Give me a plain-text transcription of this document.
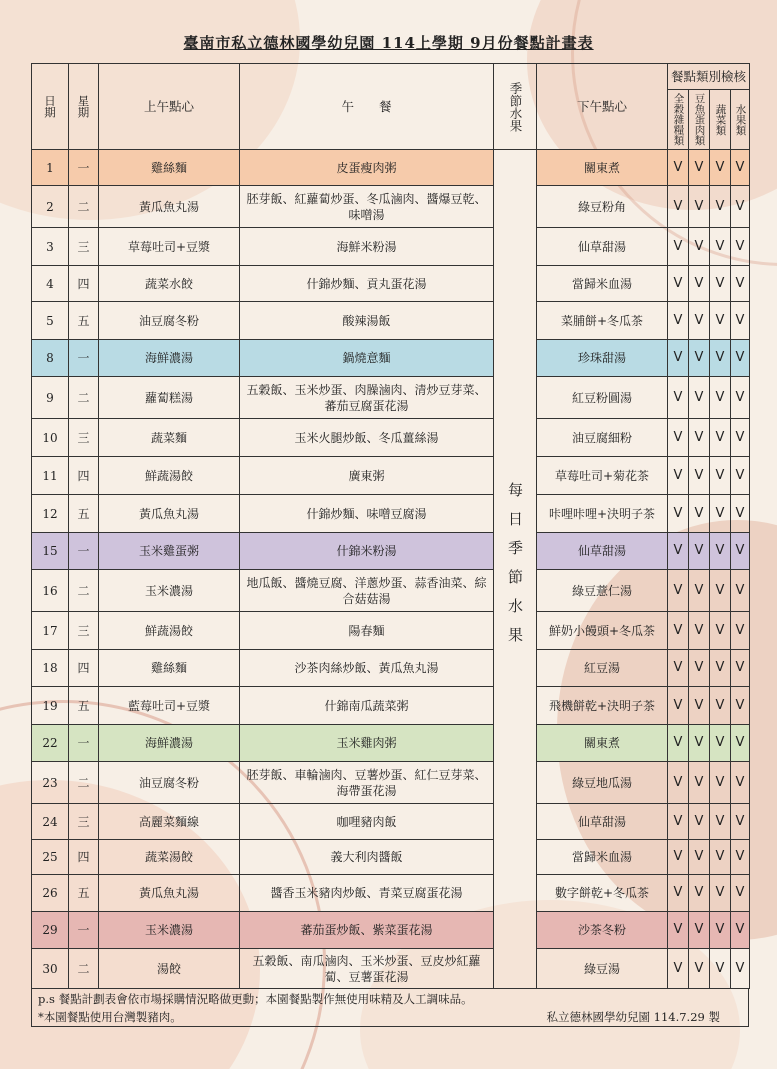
臺南市私立德林國學幼兒園 114上學期 9月份餐點計畫表
日期	星期	上午點心	午　　餐	季節水果	下午點心	餐點類別檢核			

						全穀雜糧類	豆魚蛋肉類	蔬菜類	水果類

1	一	雞絲麵	皮蛋瘦肉粥	每日季節水果	關東煮	V	V	V	V
2	二	黃瓜魚丸湯	胚芽飯、紅蘿蔔炒蛋、冬瓜滷肉、醬爆豆乾、味噌湯		綠豆粉角	V	V	V	V
3	三	草莓吐司+豆漿	海鮮米粉湯		仙草甜湯	V	V	V	V
4	四	蔬菜水餃	什錦炒麵、貢丸蛋花湯		當歸米血湯	V	V	V	V
5	五	油豆腐冬粉	酸辣湯飯		菜脯餅+冬瓜茶	V	V	V	V
8	一	海鮮濃湯	鍋燒意麵		珍珠甜湯	V	V	V	V
9	二	蘿蔔糕湯	五穀飯、玉米炒蛋、肉臊滷肉、清炒豆芽菜、蕃茄豆腐蛋花湯		紅豆粉圓湯	V	V	V	V
10	三	蔬菜麵	玉米火腿炒飯、冬瓜薑絲湯		油豆腐細粉	V	V	V	V
11	四	鮮蔬湯餃	廣東粥		草莓吐司+菊花茶	V	V	V	V
12	五	黃瓜魚丸湯	什錦炒麵、味噌豆腐湯		咔哩咔哩+決明子茶	V	V	V	V
15	一	玉米雞蛋粥	什錦米粉湯		仙草甜湯	V	V	V	V
16	二	玉米濃湯	地瓜飯、醬燒豆腐、洋蔥炒蛋、蒜香油菜、綜合菇菇湯		綠豆薏仁湯	V	V	V	V
17	三	鮮蔬湯餃	陽春麵		鮮奶小饅頭+冬瓜茶	V	V	V	V
18	四	雞絲麵	沙茶肉絲炒飯、黃瓜魚丸湯		紅豆湯	V	V	V	V
19	五	藍莓吐司+豆漿	什錦南瓜蔬菜粥		飛機餅乾+決明子茶	V	V	V	V
22	一	海鮮濃湯	玉米雞肉粥		關東煮	V	V	V	V
23	二	油豆腐冬粉	胚芽飯、車輪滷肉、豆薯炒蛋、紅仁豆芽菜、海帶蛋花湯		綠豆地瓜湯	V	V	V	V
24	三	高麗菜麵線	咖哩豬肉飯		仙草甜湯	V	V	V	V
25	四	蔬菜湯餃	義大利肉醬飯		當歸米血湯	V	V	V	V
26	五	黃瓜魚丸湯	醬香玉米豬肉炒飯、青菜豆腐蛋花湯		數字餅乾+冬瓜茶	V	V	V	V
29	一	玉米濃湯	蕃茄蛋炒飯、紫菜蛋花湯		沙茶冬粉	V	V	V	V
30	二	湯餃	五穀飯、南瓜滷肉、玉米炒蛋、豆皮炒紅蘿蔔、豆薯蛋花湯		綠豆湯	V	V	V	V
p.s 餐點計劃表會依市場採購情況略做更動；本園餐點製作無使用味精及人工調味品。
*本園餐點使用台灣製豬肉。	私立德林國學幼兒園 114.7.29 製
